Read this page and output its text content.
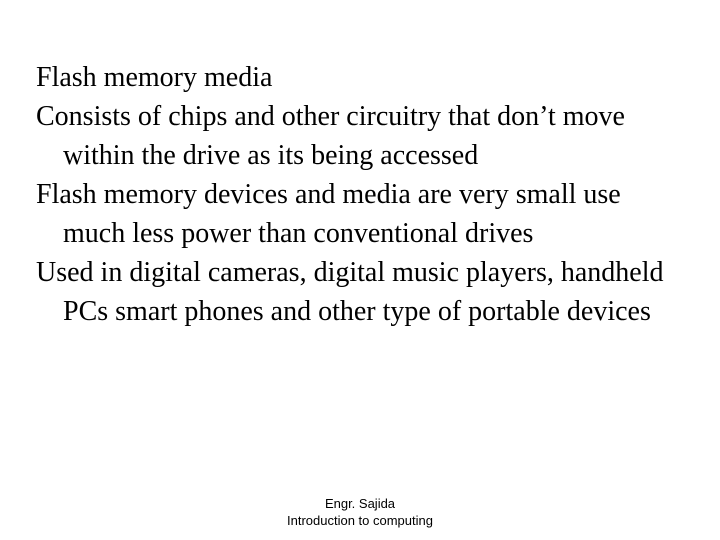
Flash memory media

Consists of chips and other circuitry that don’t move within the drive as its being accessed

Flash memory devices and media are very small use much less power than conventional drives

Used in digital cameras, digital music players, handheld PCs smart phones and other type of portable devices

Engr. Sajida
Introduction to computing
